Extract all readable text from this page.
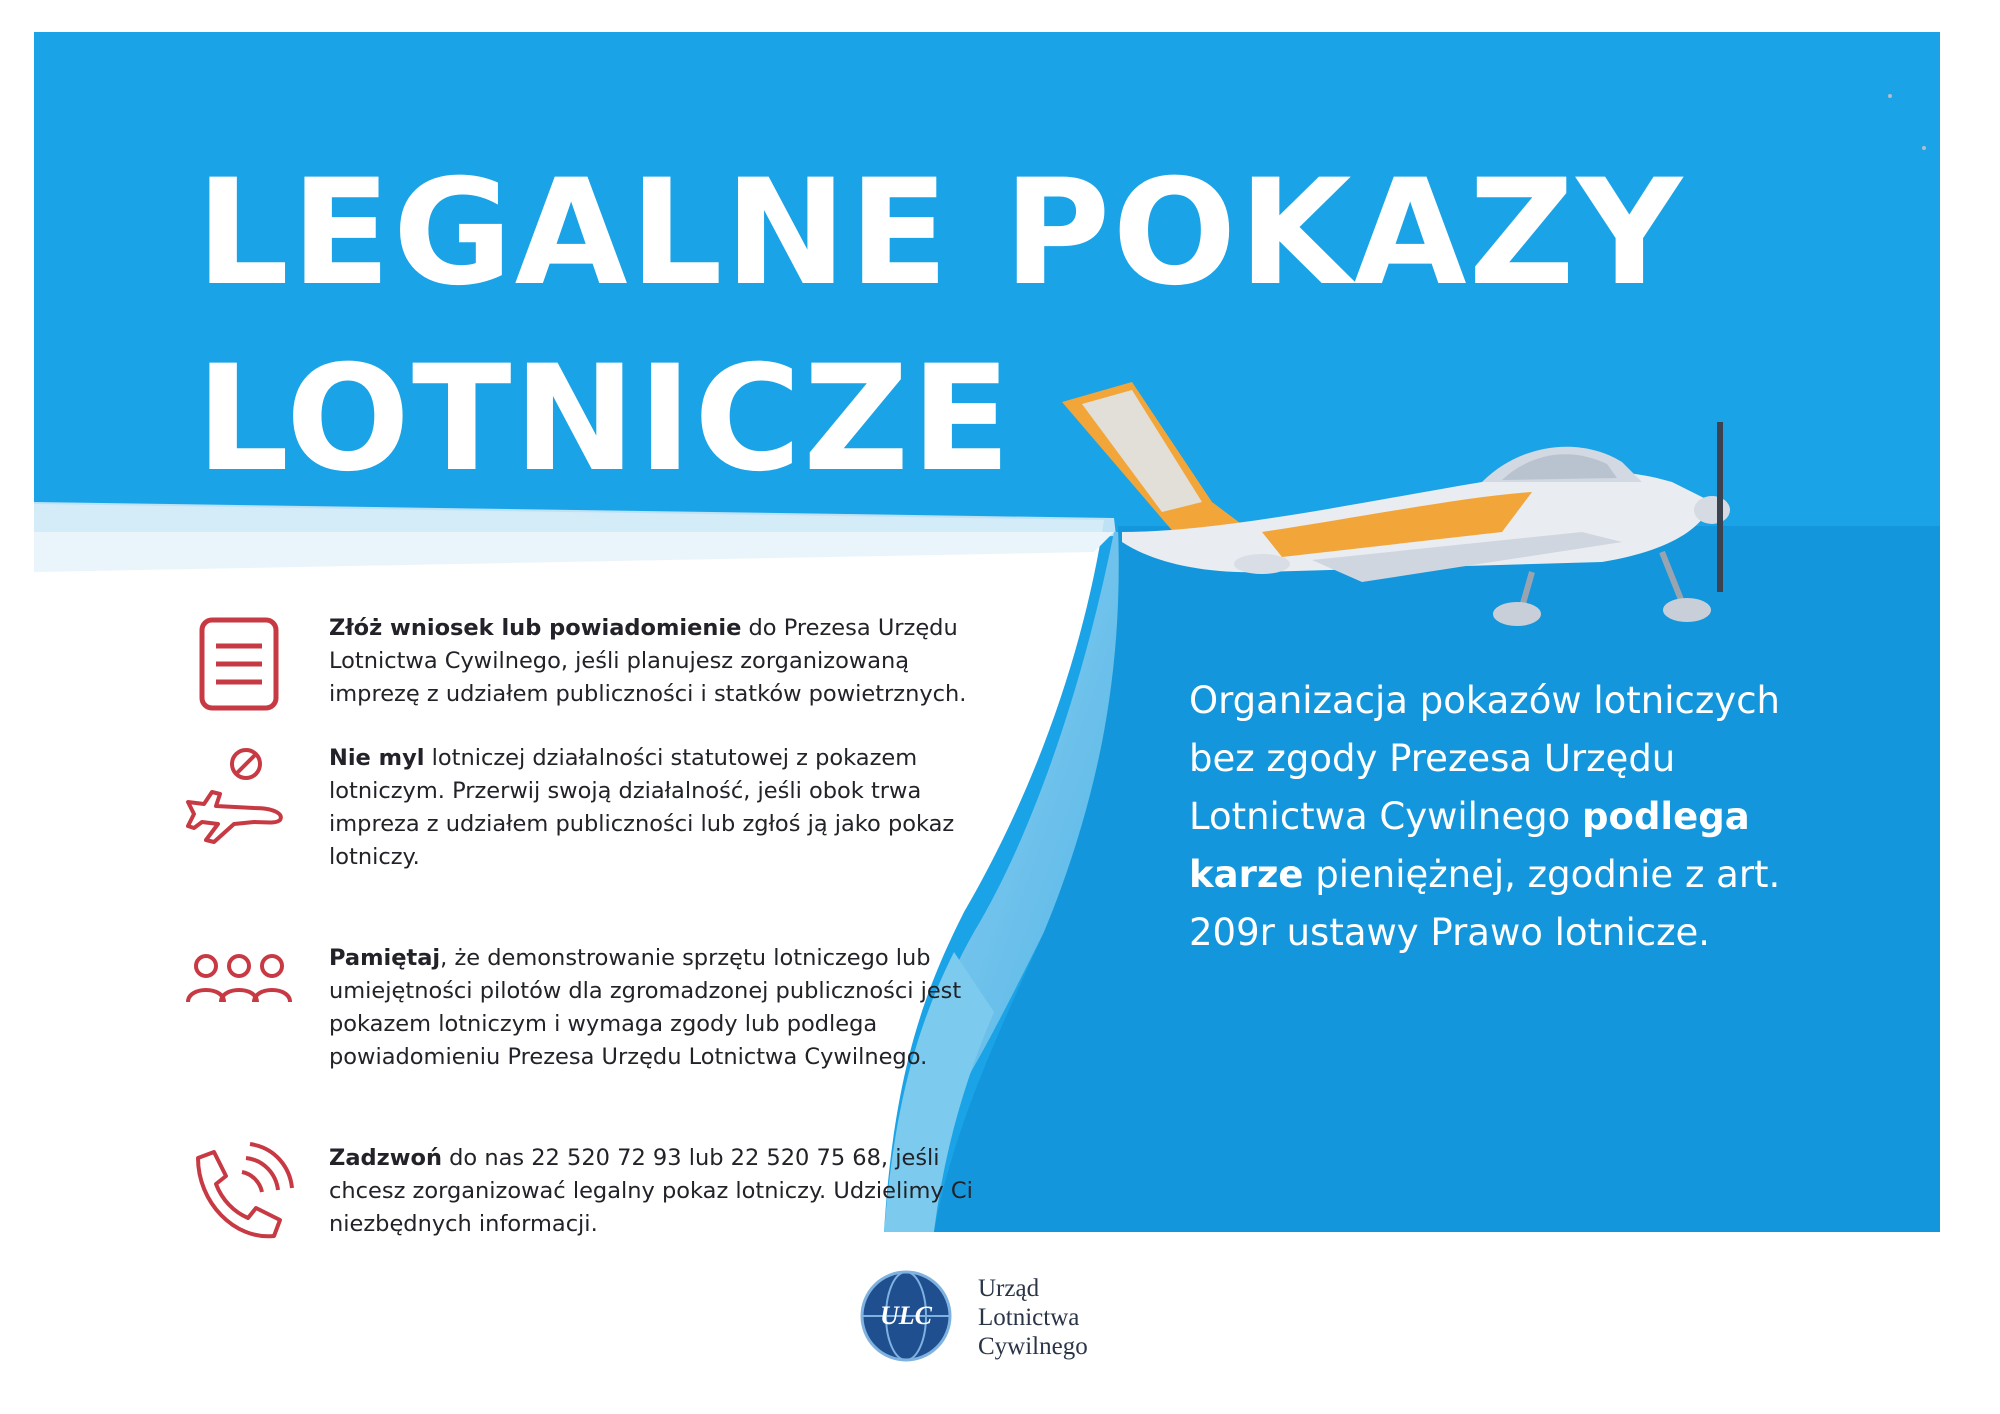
LEGALNE POKAZY
LOTNICZE

Złóż wniosek lub powiadomienie do Prezesa Urzędu Lotnictwa Cywilnego, jeśli planujesz zorganizowaną imprezę z udziałem publiczności i statków powietrznych.

Nie myl lotniczej działalności statutowej z pokazem lotniczym. Przerwij swoją działalność, jeśli obok trwa impreza z udziałem publiczności lub zgłoś ją jako pokaz lotniczy.

Pamiętaj, że demonstrowanie sprzętu lotniczego lub umiejętności pilotów dla zgromadzonej publiczności jest pokazem lotniczym i wymaga zgody lub podlega powiadomieniu Prezesa Urzędu Lotnictwa Cywilnego.

Zadzwoń do nas 22 520 72 93 lub 22 520 75 68, jeśli chcesz zorganizować legalny pokaz lotniczy. Udzielimy Ci niezbędnych informacji.

Organizacja pokazów lotniczych bez zgody Prezesa Urzędu Lotnictwa Cywilnego podlega karze pieniężnej, zgodnie z art. 209r ustawy Prawo lotnicze.

ULC
Urząd
Lotnictwa
Cywilnego
